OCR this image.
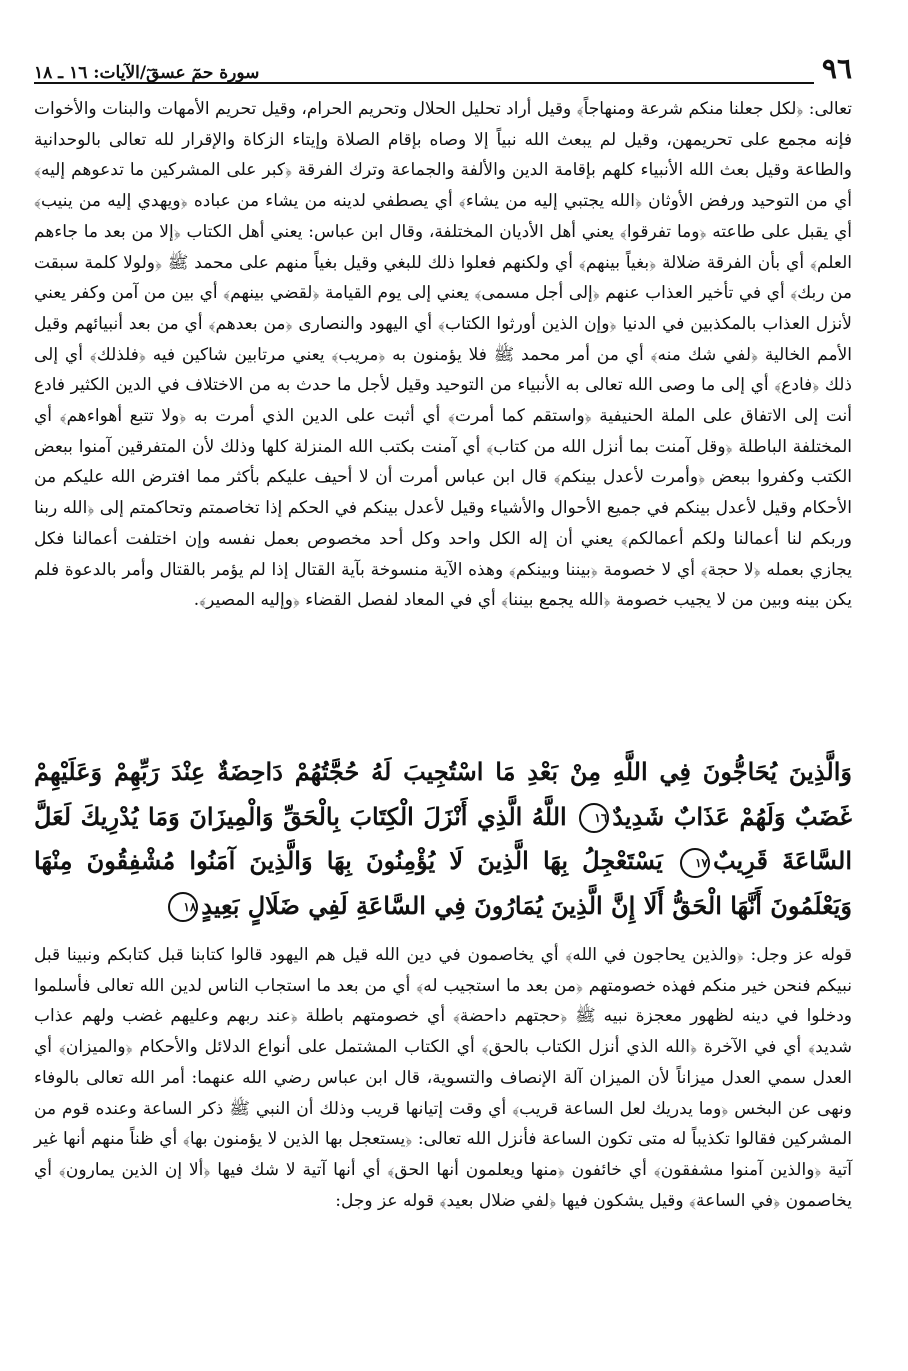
٩٦
سورة حمٓ عسقٓ/الآيات: ١٦ ـ ١٨

تعالى: ﴿لكل جعلنا منكم شرعة ومنهاجاً﴾ وقيل أراد تحليل الحلال وتحريم الحرام، وقيل تحريم الأمهات والبنات والأخوات فإنه مجمع على تحريمهن، وقيل لم يبعث الله نبياً إلا وصاه بإقام الصلاة وإيتاء الزكاة والإقرار لله تعالى بالوحدانية والطاعة وقيل بعث الله الأنبياء كلهم بإقامة الدين والألفة والجماعة وترك الفرقة ﴿كبر على المشركين ما تدعوهم إليه﴾ أي من التوحيد ورفض الأوثان ﴿الله يجتبي إليه من يشاء﴾ أي يصطفي لدينه من يشاء من عباده ﴿ويهدي إليه من ينيب﴾ أي يقبل على طاعته ﴿وما تفرقوا﴾ يعني أهل الأديان المختلفة، وقال ابن عباس: يعني أهل الكتاب ﴿إلا من بعد ما جاءهم العلم﴾ أي بأن الفرقة ضلالة ﴿بغياً بينهم﴾ أي ولكنهم فعلوا ذلك للبغي وقيل بغياً منهم على محمد ﷺ ﴿ولولا كلمة سبقت من ربك﴾ أي في تأخير العذاب عنهم ﴿إلى أجل مسمى﴾ يعني إلى يوم القيامة ﴿لقضي بينهم﴾ أي بين من آمن وكفر يعني لأنزل العذاب بالمكذبين في الدنيا ﴿وإن الذين أورثوا الكتاب﴾ أي اليهود والنصارى ﴿من بعدهم﴾ أي من بعد أنبيائهم وقيل الأمم الخالية ﴿لفي شك منه﴾ أي من أمر محمد ﷺ فلا يؤمنون به ﴿مريب﴾ يعني مرتابين شاكين فيه ﴿فلذلك﴾ أي إلى ذلك ﴿فادع﴾ أي إلى ما وصى الله تعالى به الأنبياء من التوحيد وقيل لأجل ما حدث به من الاختلاف في الدين الكثير فادع أنت إلى الاتفاق على الملة الحنيفية ﴿واستقم كما أمرت﴾ أي أثبت على الدين الذي أمرت به ﴿ولا تتبع أهواءهم﴾ أي المختلفة الباطلة ﴿وقل آمنت بما أنزل الله من كتاب﴾ أي آمنت بكتب الله المنزلة كلها وذلك لأن المتفرقين آمنوا ببعض الكتب وكفروا ببعض ﴿وأمرت لأعدل بينكم﴾ قال ابن عباس أمرت أن لا أحيف عليكم بأكثر مما افترض الله عليكم من الأحكام وقيل لأعدل بينكم في جميع الأحوال والأشياء وقيل لأعدل بينكم في الحكم إذا تخاصمتم وتحاكمتم إلى ﴿الله ربنا وربكم لنا أعمالنا ولكم أعمالكم﴾ يعني أن إله الكل واحد وكل أحد مخصوص بعمل نفسه وإن اختلفت أعمالنا فكل يجازي بعمله ﴿لا حجة﴾ أي لا خصومة ﴿بيننا وبينكم﴾ وهذه الآية منسوخة بآية القتال إذا لم يؤمر بالقتال وأمر بالدعوة فلم يكن بينه وبين من لا يجيب خصومة ﴿الله يجمع بيننا﴾ أي في المعاد لفصل القضاء ﴿وإليه المصير﴾.

وَالَّذِينَ يُحَاجُّونَ فِي اللَّهِ مِنْ بَعْدِ مَا اسْتُجِيبَ لَهُ حُجَّتُهُمْ دَاحِضَةٌ عِنْدَ رَبِّهِمْ وَعَلَيْهِمْ غَضَبٌ وَلَهُمْ عَذَابٌ شَدِيدٌ١٦ اللَّهُ الَّذِي أَنْزَلَ الْكِتَابَ بِالْحَقِّ وَالْمِيزَانَ وَمَا يُدْرِيكَ لَعَلَّ السَّاعَةَ قَرِيبٌ١٧ يَسْتَعْجِلُ بِهَا الَّذِينَ لَا يُؤْمِنُونَ بِهَا وَالَّذِينَ آمَنُوا مُشْفِقُونَ مِنْهَا وَيَعْلَمُونَ أَنَّهَا الْحَقُّ أَلَا إِنَّ الَّذِينَ يُمَارُونَ فِي السَّاعَةِ لَفِي ضَلَالٍ بَعِيدٍ١٨

قوله عز وجل: ﴿والذين يحاجون في الله﴾ أي يخاصمون في دين الله قيل هم اليهود قالوا كتابنا قبل كتابكم ونبينا قبل نبيكم فنحن خير منكم فهذه خصومتهم ﴿من بعد ما استجيب له﴾ أي من بعد ما استجاب الناس لدين الله تعالى فأسلموا ودخلوا في دينه لظهور معجزة نبيه ﷺ ﴿حجتهم داحضة﴾ أي خصومتهم باطلة ﴿عند ربهم وعليهم غضب ولهم عذاب شديد﴾ أي في الآخرة ﴿الله الذي أنزل الكتاب بالحق﴾ أي الكتاب المشتمل على أنواع الدلائل والأحكام ﴿والميزان﴾ أي العدل سمي العدل ميزاناً لأن الميزان آلة الإنصاف والتسوية، قال ابن عباس رضي الله عنهما: أمر الله تعالى بالوفاء ونهى عن البخس ﴿وما يدريك لعل الساعة قريب﴾ أي وقت إتيانها قريب وذلك أن النبي ﷺ ذكر الساعة وعنده قوم من المشركين فقالوا تكذيباً له متى تكون الساعة فأنزل الله تعالى: ﴿يستعجل بها الذين لا يؤمنون بها﴾ أي ظناً منهم أنها غير آتية ﴿والذين آمنوا مشفقون﴾ أي خائفون ﴿منها ويعلمون أنها الحق﴾ أي أنها آتية لا شك فيها ﴿ألا إن الذين يمارون﴾ أي يخاصمون ﴿في الساعة﴾ وقيل يشكون فيها ﴿لفي ضلال بعيد﴾ قوله عز وجل:
